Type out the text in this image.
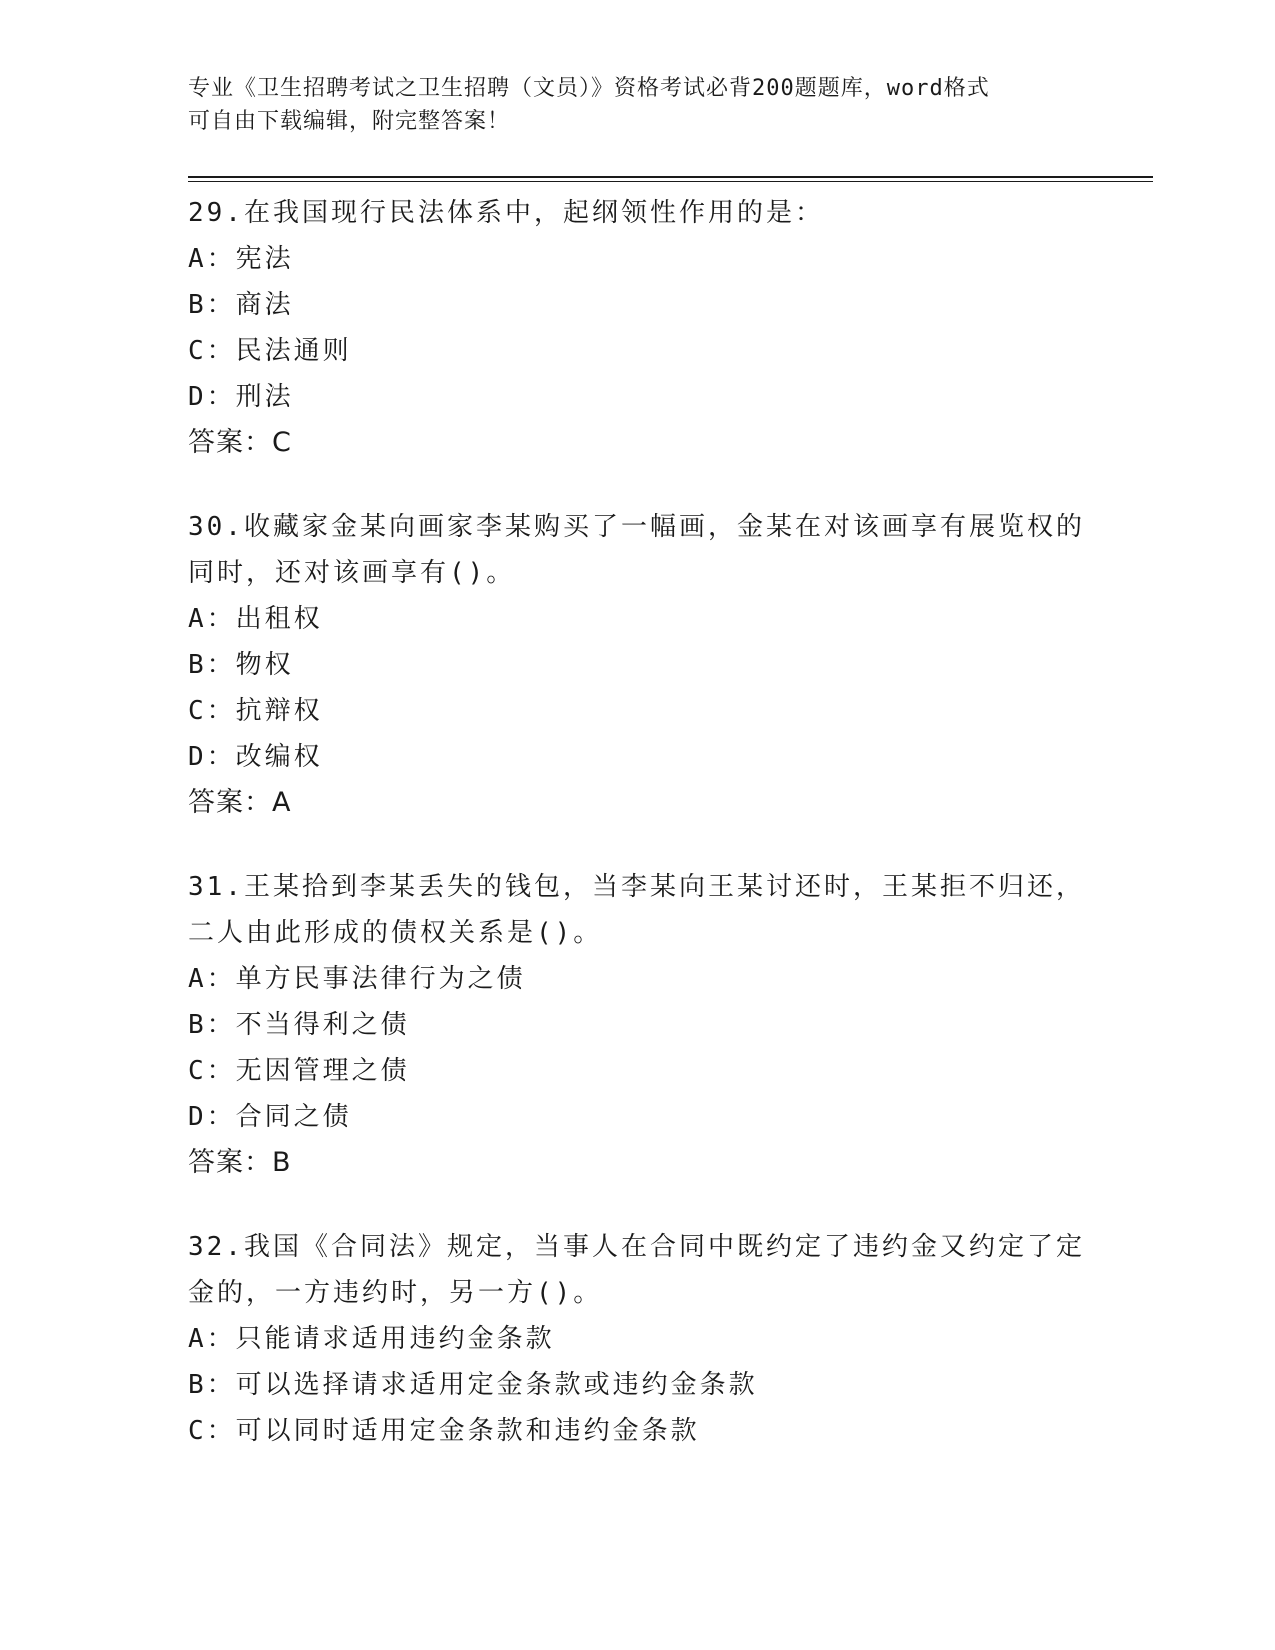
专业《卫生招聘考试之卫生招聘（文员）》资格考试必背200题题库，word格式
可自由下载编辑，附完整答案！
29.在我国现行民法体系中，起纲领性作用的是：
A：宪法
B：商法
C：民法通则
D：刑法
答案：C
30.收藏家金某向画家李某购买了一幅画，金某在对该画享有展览权的
同时，还对该画享有()。
A：出租权
B：物权
C：抗辩权
D：改编权
答案：A
31.王某拾到李某丢失的钱包，当李某向王某讨还时，王某拒不归还，
二人由此形成的债权关系是()。
A：单方民事法律行为之债
B：不当得利之债
C：无因管理之债
D：合同之债
答案：B
32.我国《合同法》规定，当事人在合同中既约定了违约金又约定了定
金的，一方违约时，另一方()。
A：只能请求适用违约金条款
B：可以选择请求适用定金条款或违约金条款
C：可以同时适用定金条款和违约金条款
